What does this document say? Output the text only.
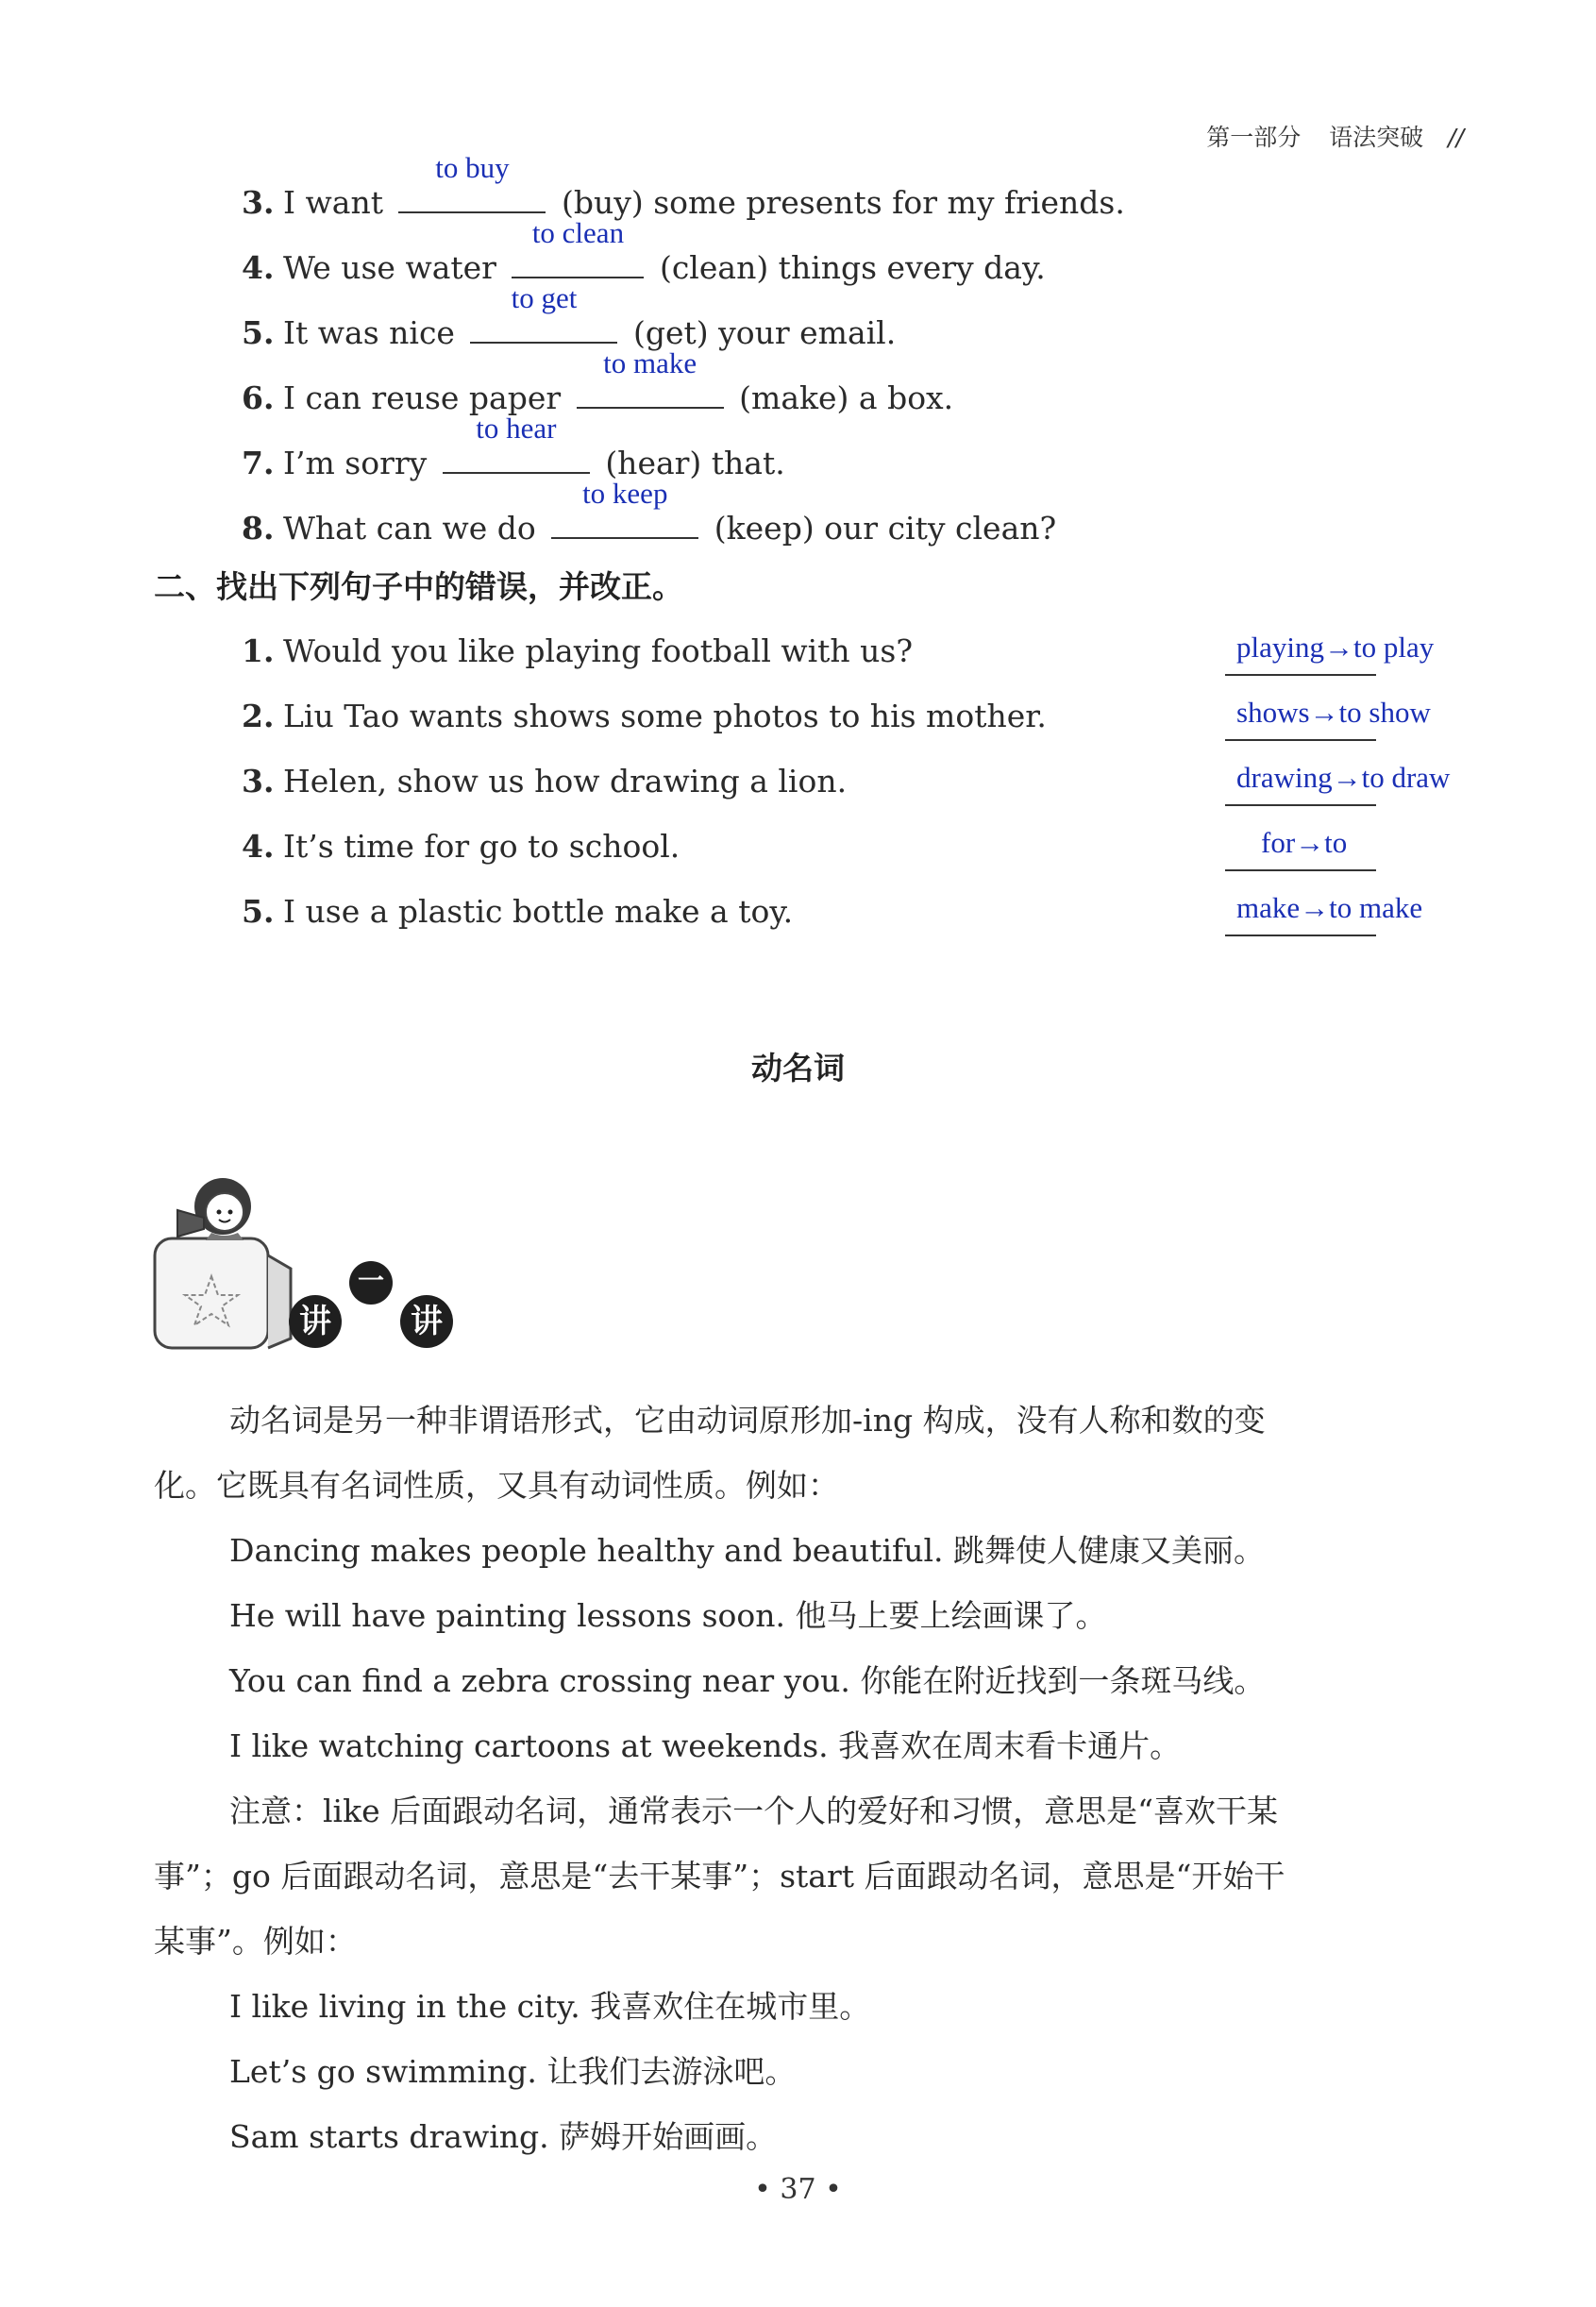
第一部分 语法突破 //
3. I want
to buy
(buy) some presents for my friends.
4. We use water
to clean
(clean) things every day.
5. It was nice
to get
(get) your email.
6. I can reuse paper
to make
(make) a box.
7. I’m sorry
to hear
(hear) that.
8. What can we do
to keep
(keep) our city clean?
二、找出下列句子中的错误，并改正。
1. Would you like playing football with us?
2. Liu Tao wants shows some photos to his mother.
3. Helen, show us how drawing a lion.
4. It’s time for go to school.
5. I use a plastic bottle make a toy.
playing→to play
shows→to show
drawing→to draw
for→to
make→to make
动名词
讲
一
讲
动名词是另一种非谓语形式，它由动词原形加-ing 构成，没有人称和数的变
化。它既具有名词性质，又具有动词性质。例如：
Dancing makes people healthy and beautiful. 跳舞使人健康又美丽。
He will have painting lessons soon. 他马上要上绘画课了。
You can find a zebra crossing near you. 你能在附近找到一条斑马线。
I like watching cartoons at weekends. 我喜欢在周末看卡通片。
注意：like 后面跟动名词，通常表示一个人的爱好和习惯，意思是“喜欢干某
事”；go 后面跟动名词，意思是“去干某事”；start 后面跟动名词，意思是“开始干
某事”。例如：
I like living in the city. 我喜欢住在城市里。
Let’s go swimming. 让我们去游泳吧。
Sam starts drawing. 萨姆开始画画。
• 37 •
